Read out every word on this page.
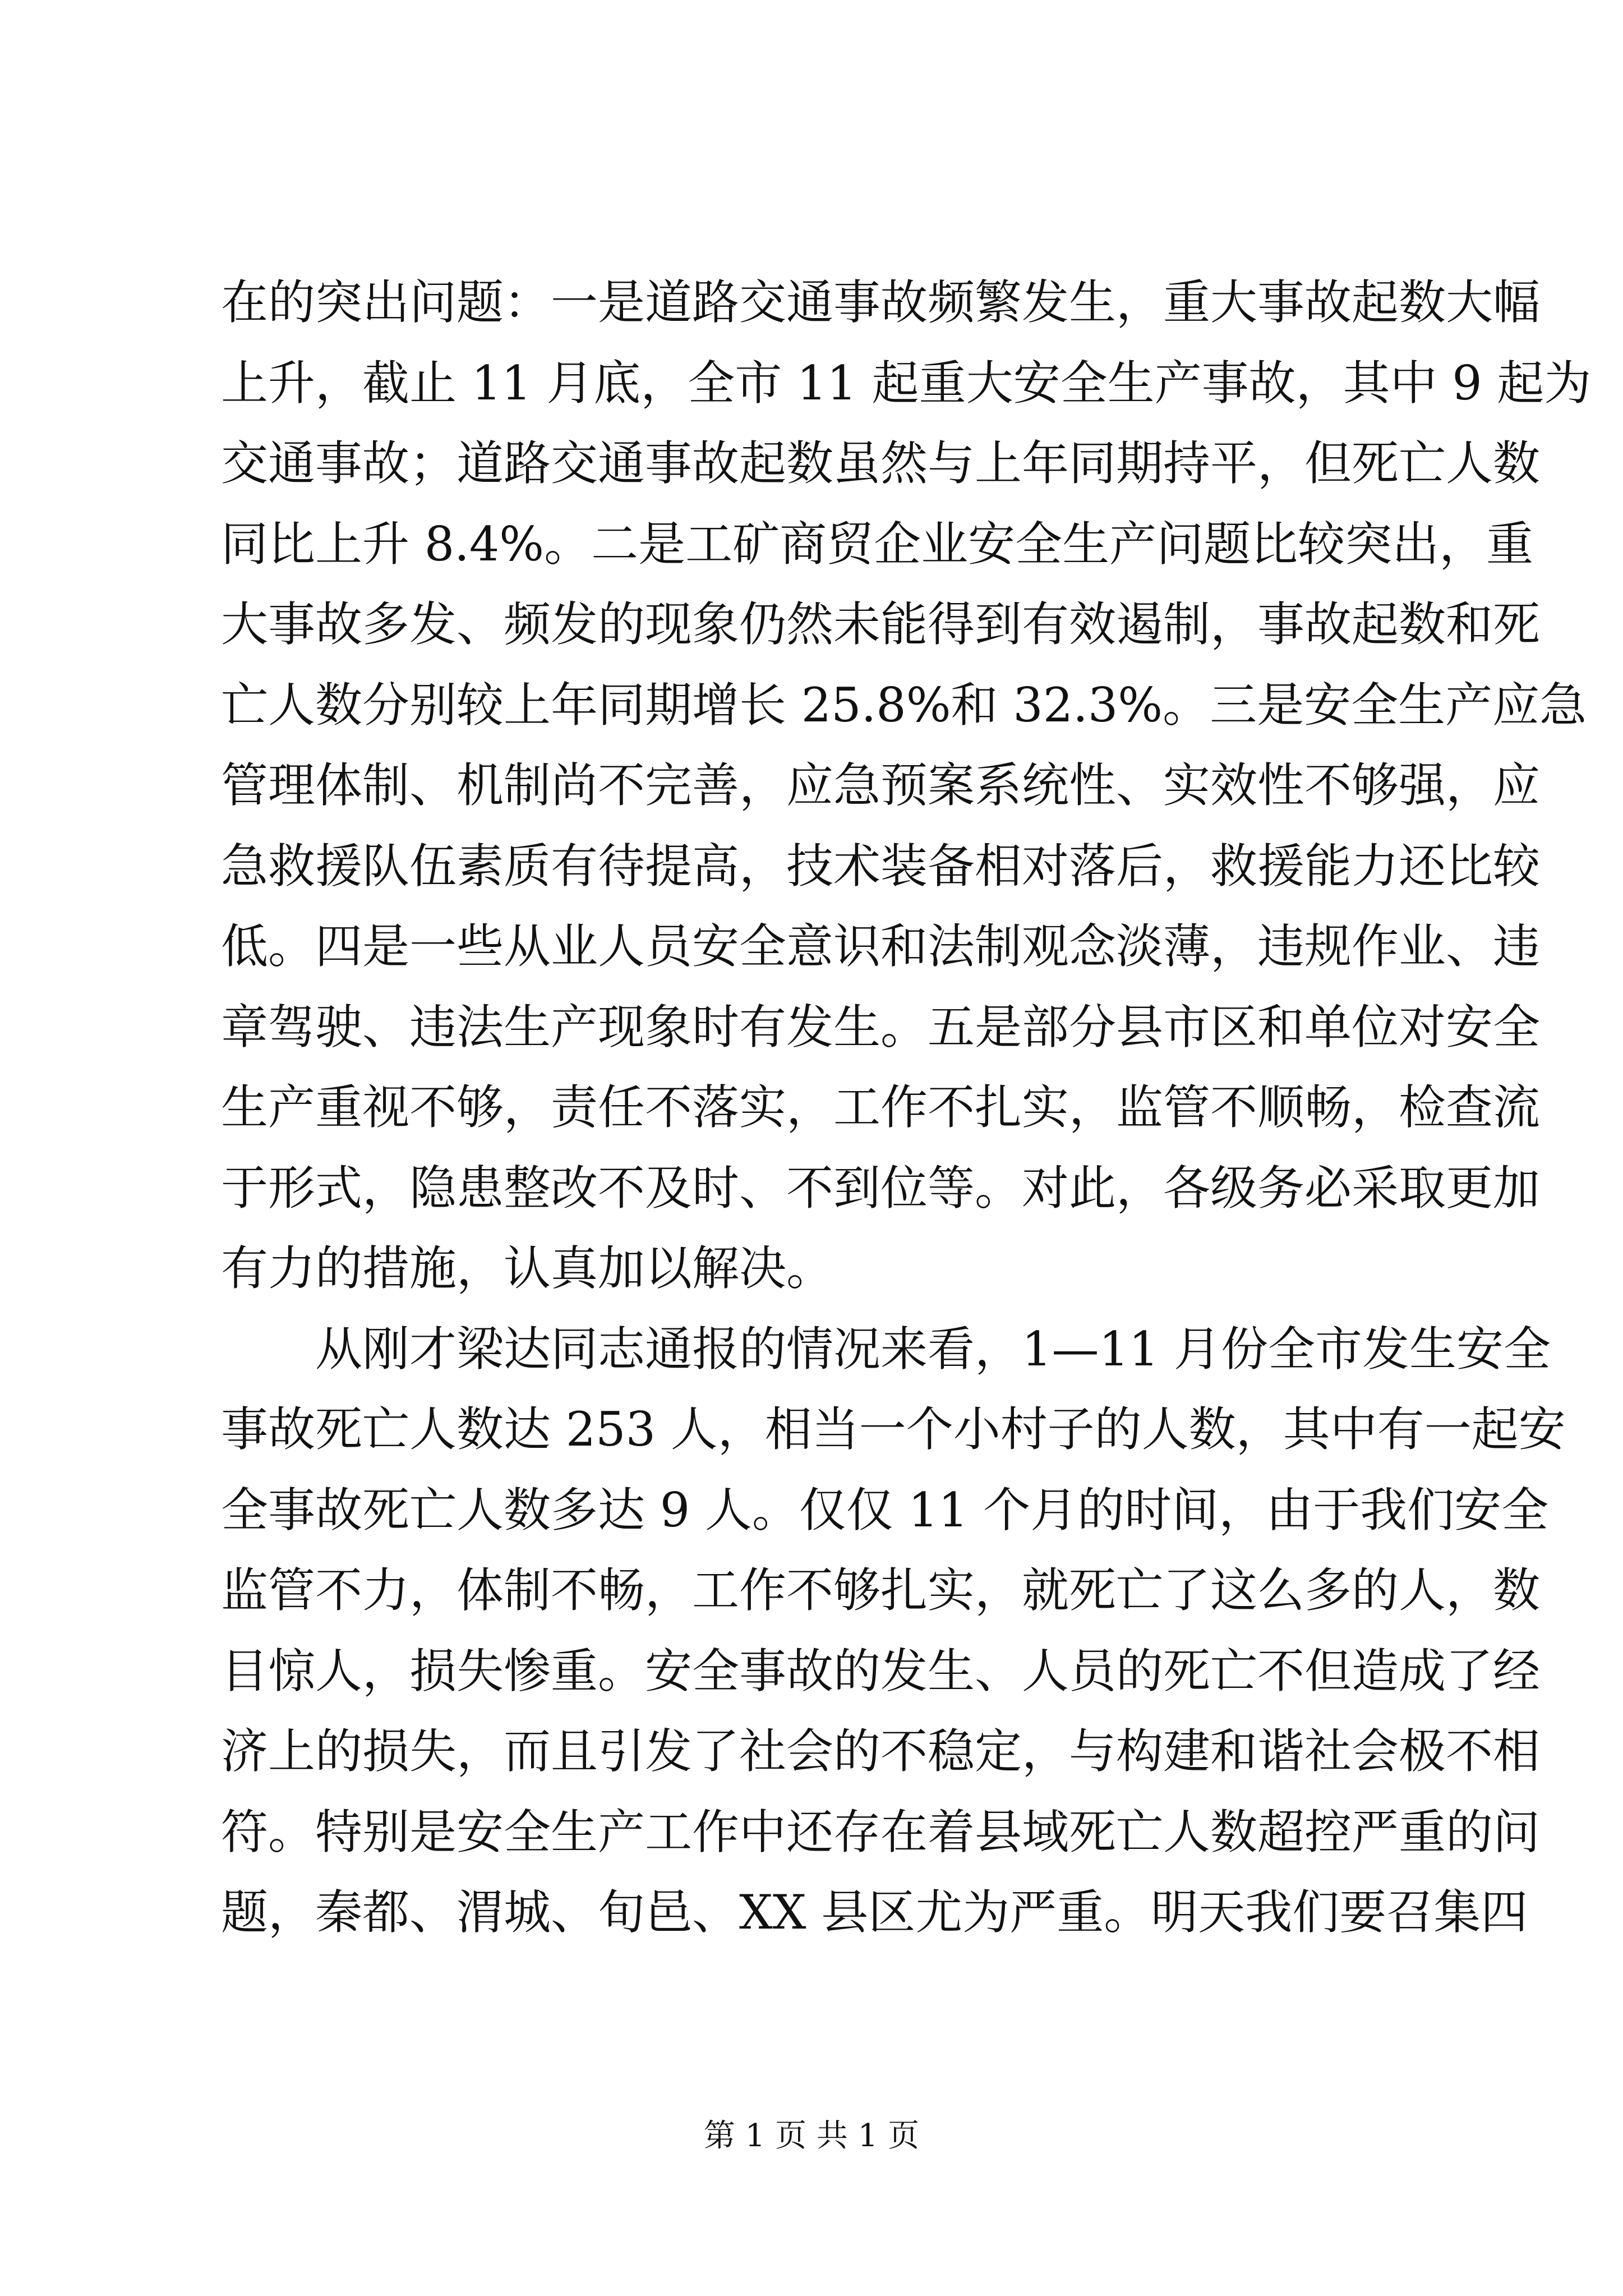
在的突出问题：一是道路交通事故频繁发生，重大事故起数大幅
上升，截止 11 月底，全市 11 起重大安全生产事故，其中 9 起为
交通事故；道路交通事故起数虽然与上年同期持平，但死亡人数
同比上升 8.4%。二是工矿商贸企业安全生产问题比较突出，重
大事故多发、频发的现象仍然未能得到有效遏制，事故起数和死
亡人数分别较上年同期增长 25.8%和 32.3%。三是安全生产应急
管理体制、机制尚不完善，应急预案系统性、实效性不够强，应
急救援队伍素质有待提高，技术装备相对落后，救援能力还比较
低。四是一些从业人员安全意识和法制观念淡薄，违规作业、违
章驾驶、违法生产现象时有发生。五是部分县市区和单位对安全
生产重视不够，责任不落实，工作不扎实，监管不顺畅，检查流
于形式，隐患整改不及时、不到位等。对此，各级务必采取更加
有力的措施，认真加以解决。
从刚才梁达同志通报的情况来看，1—11 月份全市发生安全
事故死亡人数达 253 人，相当一个小村子的人数，其中有一起安
全事故死亡人数多达 9 人。仅仅 11 个月的时间，由于我们安全
监管不力，体制不畅，工作不够扎实，就死亡了这么多的人，数
目惊人，损失惨重。安全事故的发生、人员的死亡不但造成了经
济上的损失，而且引发了社会的不稳定，与构建和谐社会极不相
符。特别是安全生产工作中还存在着县域死亡人数超控严重的问
题，秦都、渭城、旬邑、XX 县区尤为严重。明天我们要召集四
第 1 页 共 1 页
